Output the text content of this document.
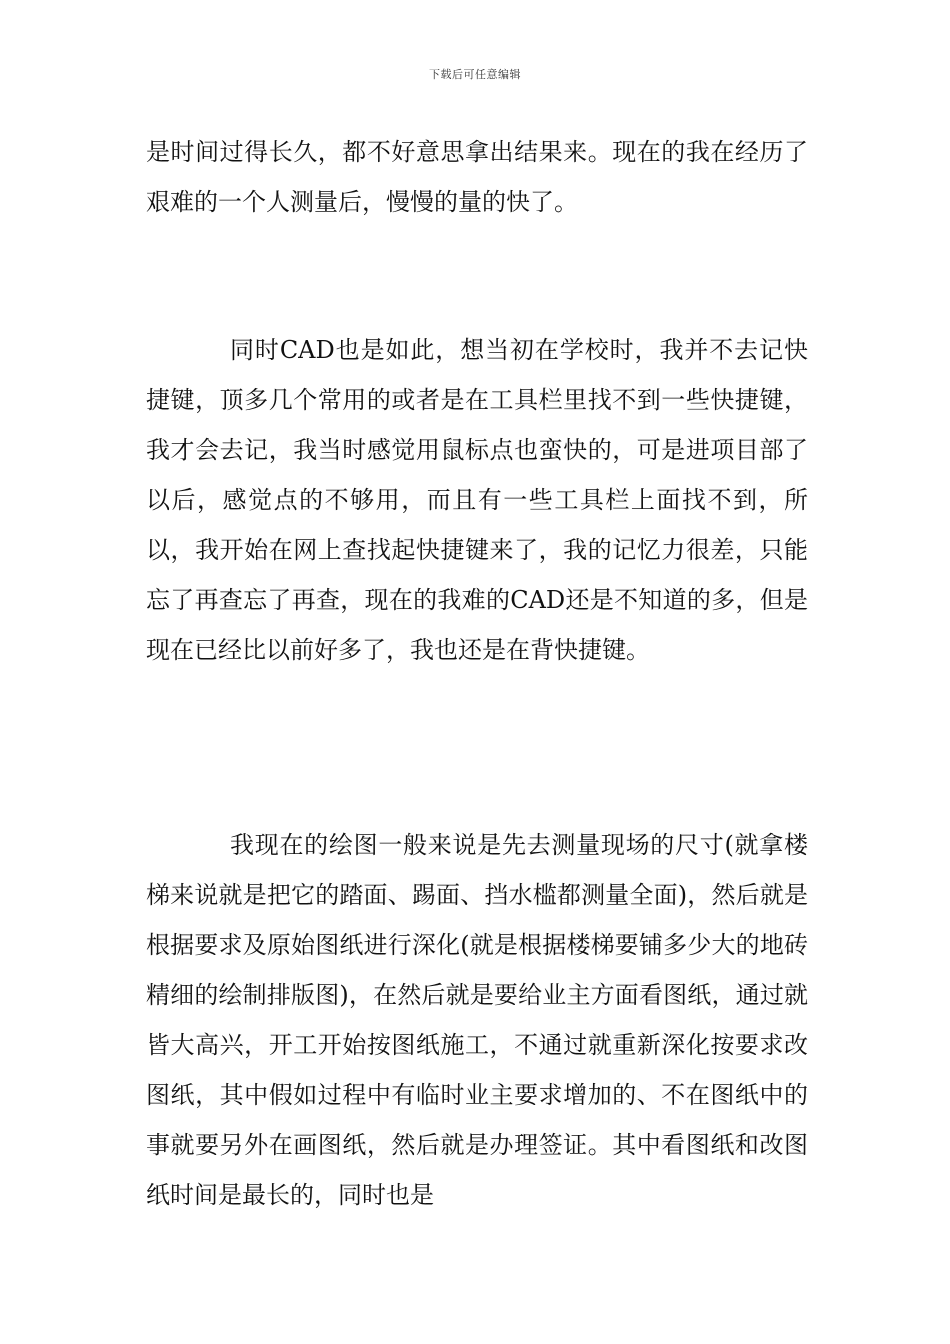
下载后可任意编辑

是时间过得长久，都不好意思拿出结果来。现在的我在经历了艰难的一个人测量后，慢慢的量的快了。

同时CAD也是如此，想当初在学校时，我并不去记快捷键，顶多几个常用的或者是在工具栏里找不到一些快捷键，我才会去记，我当时感觉用鼠标点也蛮快的，可是进项目部了以后，感觉点的不够用，而且有一些工具栏上面找不到，所以，我开始在网上查找起快捷键来了，我的记忆力很差，只能忘了再查忘了再查，现在的我难的CAD还是不知道的多，但是现在已经比以前好多了，我也还是在背快捷键。

我现在的绘图一般来说是先去测量现场的尺寸(就拿楼梯来说就是把它的踏面、踢面、挡水槛都测量全面)，然后就是根据要求及原始图纸进行深化(就是根据楼梯要铺多少大的地砖精细的绘制排版图)，在然后就是要给业主方面看图纸，通过就皆大高兴，开工开始按图纸施工，不通过就重新深化按要求改图纸，其中假如过程中有临时业主要求增加的、不在图纸中的事就要另外在画图纸，然后就是办理签证。其中看图纸和改图纸时间是最长的，同时也是
